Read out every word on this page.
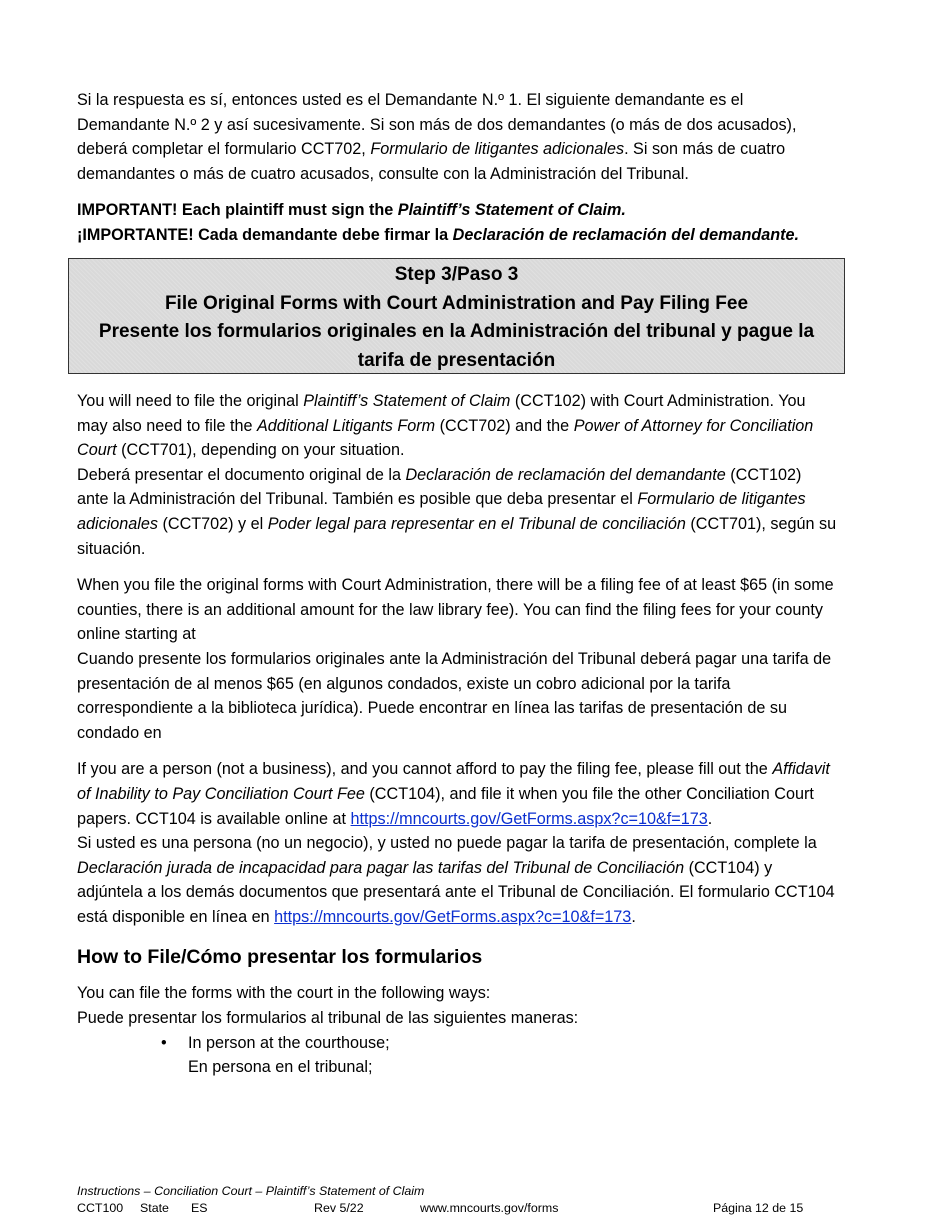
Si la respuesta es sí, entonces usted es el Demandante N.º 1. El siguiente demandante es el Demandante N.º 2 y así sucesivamente. Si son más de dos demandantes (o más de dos acusados), deberá completar el formulario CCT702, Formulario de litigantes adicionales. Si son más de cuatro demandantes o más de cuatro acusados, consulte con la Administración del Tribunal.

IMPORTANT! Each plaintiff must sign the Plaintiff’s Statement of Claim.

¡IMPORTANTE! Cada demandante debe firmar la Declaración de reclamación del demandante.

Step 3/Paso 3
File Original Forms with Court Administration and Pay Filing Fee
Presente los formularios originales en la Administración del tribunal y pague la
tarifa de presentación

You will need to file the original Plaintiff’s Statement of Claim (CCT102) with Court Administration. You may also need to file the Additional Litigants Form (CCT702) and the Power of Attorney for Conciliation Court (CCT701), depending on your situation.

Deberá presentar el documento original de la Declaración de reclamación del demandante (CCT102) ante la Administración del Tribunal. También es posible que deba presentar el Formulario de litigantes adicionales (CCT702) y el Poder legal para representar en el Tribunal de conciliación (CCT701), según su situación.

When you file the original forms with Court Administration, there will be a filing fee of at least $65 (in some counties, there is an additional amount for the law library fee). You can find the filing fees for your county online starting at

Cuando presente los formularios originales ante la Administración del Tribunal deberá pagar una tarifa de presentación de al menos $65 (en algunos condados, existe un cobro adicional por la tarifa correspondiente a la biblioteca jurídica). Puede encontrar en línea las tarifas de presentación de su condado en

If you are a person (not a business), and you cannot afford to pay the filing fee, please fill out the Affidavit of Inability to Pay Conciliation Court Fee (CCT104), and file it when you file the other Conciliation Court papers. CCT104 is available online at https://mncourts.gov/GetForms.aspx?c=10&f=173.

Si usted es una persona (no un negocio), y usted no puede pagar la tarifa de presentación, complete la Declaración jurada de incapacidad para pagar las tarifas del Tribunal de Conciliación (CCT104) y adjúntela a los demás documentos que presentará ante el Tribunal de Conciliación. El formulario CCT104 está disponible en línea en https://mncourts.gov/GetForms.aspx?c=10&f=173.

How to File/Cómo presentar los formularios

You can file the forms with the court in the following ways:

Puede presentar los formularios al tribunal de las siguientes maneras:

• In person at the courthouse;
En persona en el tribunal;
Instructions – Conciliation Court – Plaintiff’s Statement of Claim
CCT100 State ES	Rev 5/22	www.mncourts.gov/forms	Página 12 de 15
